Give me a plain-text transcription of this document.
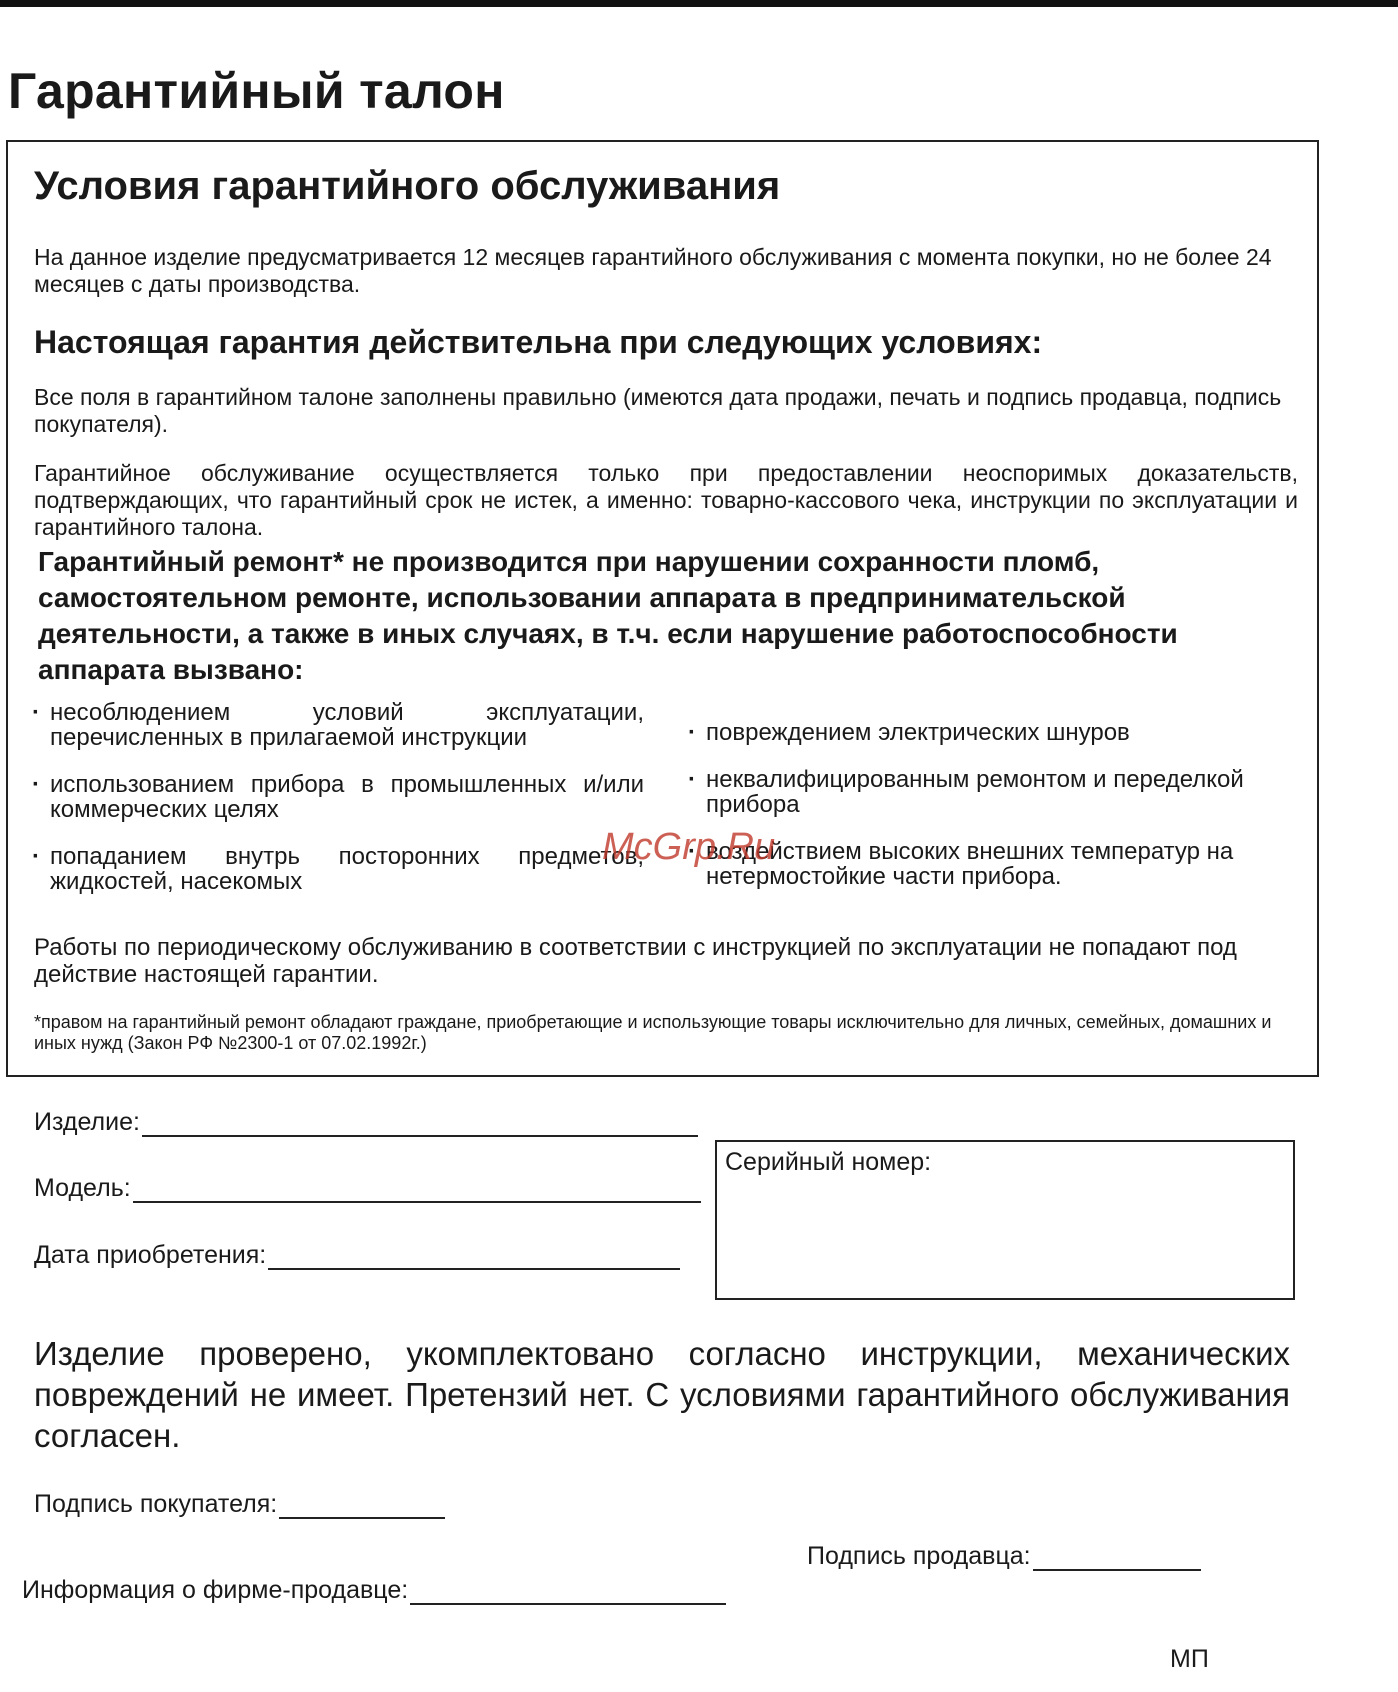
Гарантийный талон
Условия гарантийного обслуживания

На данное изделие предусматривается 12 месяцев гарантийного обслуживания с момента покупки, но не более 24 месяцев с даты производства.

Настоящая гарантия действительна при следующих условиях:

Все поля в гарантийном талоне заполнены правильно (имеются дата продажи, печать и подпись продавца, подпись покупателя).

Гарантийное обслуживание осуществляется только при предоставлении неоспоримых доказательств, подтверждающих, что гарантийный срок не истек, а именно: товарно-кассового чека, инструкции по эксплуатации и гарантийного талона.

Гарантийный ремонт* не производится при нарушении сохранности пломб, самостоятельном ремонте, использовании аппарата в предпринимательской деятельности, а также в иных случаях, в т.ч. если нарушение работоспособности аппарата вызвано:

· несоблюдением условий эксплуатации, перечисленных в прилагаемой инструкции
· использованием прибора в промышленных и/или коммерческих целях
· попаданием внутрь посторонних предметов, жидкостей, насекомых
· повреждением электрических шнуров
· неквалифицированным ремонтом и переделкой прибора
· воздействием высоких внешних температур на нетермостойкие части прибора.

Работы по периодическому обслуживанию в соответствии с инструкцией по эксплуатации не попадают под действие настоящей гарантии.

*правом на гарантийный ремонт обладают граждане, приобретающие и использующие товары исключительно для личных, семейных, домашних и иных нужд (Закон РФ №2300-1 от 07.02.1992г.)

McGrp.Ru
Изделие:
Модель:
Дата приобретения:
Серийный номер:

Изделие проверено, укомплектовано согласно инструкции, механических повреждений не имеет. Претензий нет. С условиями гарантийного обслуживания согласен.

Подпись покупателя:
Подпись продавца:
Информация о фирме-продавце:
МП
